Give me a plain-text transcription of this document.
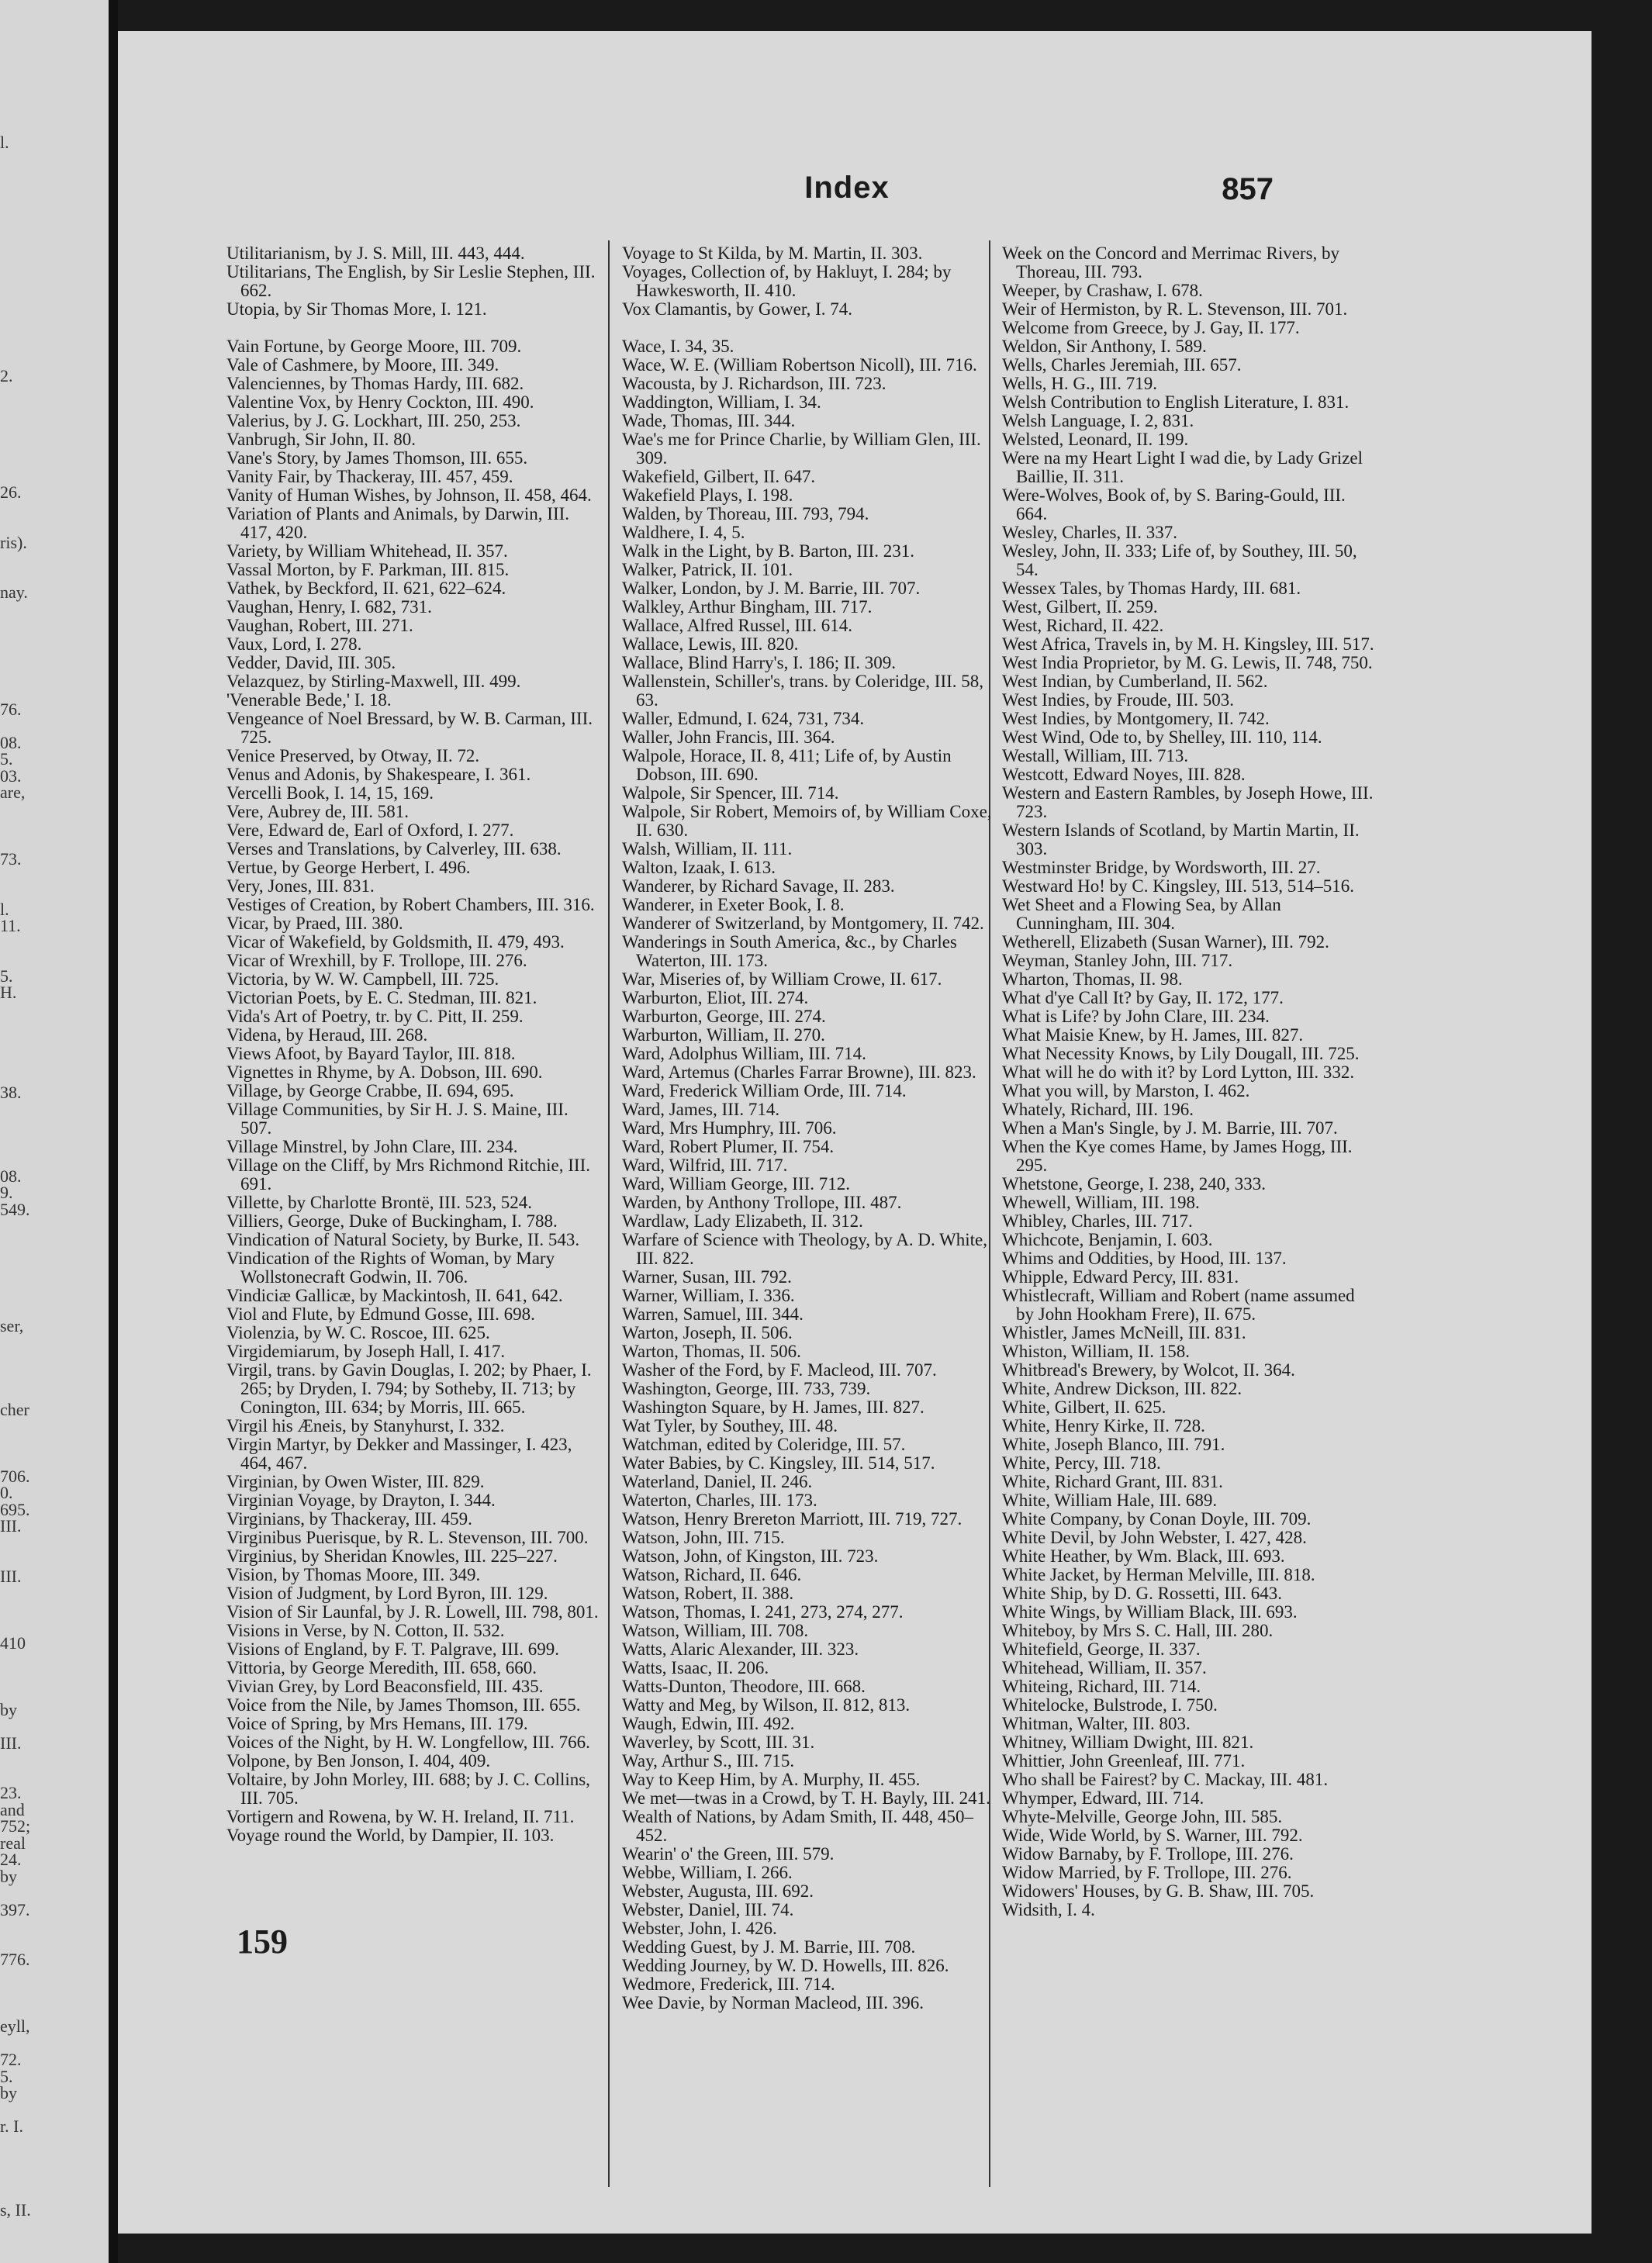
l.
2.
26.
ris).
nay.
76.
08.
5.
03.
are,
73.
l.
11.
5.
H.
38.
08.
9.
549.
ser,
cher
706.
0.
695.
III.
III.
410
by
III.
23.
and
752;
real
24.
by
397.
776.
eyll,
72.
5.
by
r. I.
s, II.
Index	857
Utilitarianism, by J. S. Mill, III. 443, 444.
Utilitarians, The English, by Sir Leslie Stephen, III. 662.
Utopia, by Sir Thomas More, I. 121.
Vain Fortune, by George Moore, III. 709.
Vale of Cashmere, by Moore, III. 349.
Valenciennes, by Thomas Hardy, III. 682.
Valentine Vox, by Henry Cockton, III. 490.
Valerius, by J. G. Lockhart, III. 250, 253.
Vanbrugh, Sir John, II. 80.
Vane's Story, by James Thomson, III. 655.
Vanity Fair, by Thackeray, III. 457, 459.
Vanity of Human Wishes, by Johnson, II. 458, 464.
Variation of Plants and Animals, by Darwin, III. 417, 420.
Variety, by William Whitehead, II. 357.
Vassal Morton, by F. Parkman, III. 815.
Vathek, by Beckford, II. 621, 622–624.
Vaughan, Henry, I. 682, 731.
Vaughan, Robert, III. 271.
Vaux, Lord, I. 278.
Vedder, David, III. 305.
Velazquez, by Stirling-Maxwell, III. 499.
'Venerable Bede,' I. 18.
Vengeance of Noel Bressard, by W. B. Carman, III. 725.
Venice Preserved, by Otway, II. 72.
Venus and Adonis, by Shakespeare, I. 361.
Vercelli Book, I. 14, 15, 169.
Vere, Aubrey de, III. 581.
Vere, Edward de, Earl of Oxford, I. 277.
Verses and Translations, by Calverley, III. 638.
Vertue, by George Herbert, I. 496.
Very, Jones, III. 831.
Vestiges of Creation, by Robert Chambers, III. 316.
Vicar, by Praed, III. 380.
Vicar of Wakefield, by Goldsmith, II. 479, 493.
Vicar of Wrexhill, by F. Trollope, III. 276.
Victoria, by W. W. Campbell, III. 725.
Victorian Poets, by E. C. Stedman, III. 821.
Vida's Art of Poetry, tr. by C. Pitt, II. 259.
Videna, by Heraud, III. 268.
Views Afoot, by Bayard Taylor, III. 818.
Vignettes in Rhyme, by A. Dobson, III. 690.
Village, by George Crabbe, II. 694, 695.
Village Communities, by Sir H. J. S. Maine, III. 507.
Village Minstrel, by John Clare, III. 234.
Village on the Cliff, by Mrs Richmond Ritchie, III. 691.
Villette, by Charlotte Brontë, III. 523, 524.
Villiers, George, Duke of Buckingham, I. 788.
Vindication of Natural Society, by Burke, II. 543.
Vindication of the Rights of Woman, by Mary Wollstonecraft Godwin, II. 706.
Vindiciæ Gallicæ, by Mackintosh, II. 641, 642.
Viol and Flute, by Edmund Gosse, III. 698.
Violenzia, by W. C. Roscoe, III. 625.
Virgidemiarum, by Joseph Hall, I. 417.
Virgil, trans. by Gavin Douglas, I. 202; by Phaer, I. 265; by Dryden, I. 794; by Sotheby, II. 713; by Conington, III. 634; by Morris, III. 665.
Virgil his Æneis, by Stanyhurst, I. 332.
Virgin Martyr, by Dekker and Massinger, I. 423, 464, 467.
Virginian, by Owen Wister, III. 829.
Virginian Voyage, by Drayton, I. 344.
Virginians, by Thackeray, III. 459.
Virginibus Puerisque, by R. L. Stevenson, III. 700.
Virginius, by Sheridan Knowles, III. 225–227.
Vision, by Thomas Moore, III. 349.
Vision of Judgment, by Lord Byron, III. 129.
Vision of Sir Launfal, by J. R. Lowell, III. 798, 801.
Visions in Verse, by N. Cotton, II. 532.
Visions of England, by F. T. Palgrave, III. 699.
Vittoria, by George Meredith, III. 658, 660.
Vivian Grey, by Lord Beaconsfield, III. 435.
Voice from the Nile, by James Thomson, III. 655.
Voice of Spring, by Mrs Hemans, III. 179.
Voices of the Night, by H. W. Longfellow, III. 766.
Volpone, by Ben Jonson, I. 404, 409.
Voltaire, by John Morley, III. 688; by J. C. Collins, III. 705.
Vortigern and Rowena, by W. H. Ireland, II. 711.
Voyage round the World, by Dampier, II. 103.
Voyage to St Kilda, by M. Martin, II. 303.
Voyages, Collection of, by Hakluyt, I. 284; by Hawkesworth, II. 410.
Vox Clamantis, by Gower, I. 74.
Wace, I. 34, 35.
Wace, W. E. (William Robertson Nicoll), III. 716.
Wacousta, by J. Richardson, III. 723.
Waddington, William, I. 34.
Wade, Thomas, III. 344.
Wae's me for Prince Charlie, by William Glen, III. 309.
Wakefield, Gilbert, II. 647.
Wakefield Plays, I. 198.
Walden, by Thoreau, III. 793, 794.
Waldhere, I. 4, 5.
Walk in the Light, by B. Barton, III. 231.
Walker, Patrick, II. 101.
Walker, London, by J. M. Barrie, III. 707.
Walkley, Arthur Bingham, III. 717.
Wallace, Alfred Russel, III. 614.
Wallace, Lewis, III. 820.
Wallace, Blind Harry's, I. 186; II. 309.
Wallenstein, Schiller's, trans. by Coleridge, III. 58, 63.
Waller, Edmund, I. 624, 731, 734.
Waller, John Francis, III. 364.
Walpole, Horace, II. 8, 411; Life of, by Austin Dobson, III. 690.
Walpole, Sir Spencer, III. 714.
Walpole, Sir Robert, Memoirs of, by William Coxe, II. 630.
Walsh, William, II. 111.
Walton, Izaak, I. 613.
Wanderer, by Richard Savage, II. 283.
Wanderer, in Exeter Book, I. 8.
Wanderer of Switzerland, by Montgomery, II. 742.
Wanderings in South America, &c., by Charles Waterton, III. 173.
War, Miseries of, by William Crowe, II. 617.
Warburton, Eliot, III. 274.
Warburton, George, III. 274.
Warburton, William, II. 270.
Ward, Adolphus William, III. 714.
Ward, Artemus (Charles Farrar Browne), III. 823.
Ward, Frederick William Orde, III. 714.
Ward, James, III. 714.
Ward, Mrs Humphry, III. 706.
Ward, Robert Plumer, II. 754.
Ward, Wilfrid, III. 717.
Ward, William George, III. 712.
Warden, by Anthony Trollope, III. 487.
Wardlaw, Lady Elizabeth, II. 312.
Warfare of Science with Theology, by A. D. White, III. 822.
Warner, Susan, III. 792.
Warner, William, I. 336.
Warren, Samuel, III. 344.
Warton, Joseph, II. 506.
Warton, Thomas, II. 506.
Washer of the Ford, by F. Macleod, III. 707.
Washington, George, III. 733, 739.
Washington Square, by H. James, III. 827.
Wat Tyler, by Southey, III. 48.
Watchman, edited by Coleridge, III. 57.
Water Babies, by C. Kingsley, III. 514, 517.
Waterland, Daniel, II. 246.
Waterton, Charles, III. 173.
Watson, Henry Brereton Marriott, III. 719, 727.
Watson, John, III. 715.
Watson, John, of Kingston, III. 723.
Watson, Richard, II. 646.
Watson, Robert, II. 388.
Watson, Thomas, I. 241, 273, 274, 277.
Watson, William, III. 708.
Watts, Alaric Alexander, III. 323.
Watts, Isaac, II. 206.
Watts-Dunton, Theodore, III. 668.
Watty and Meg, by Wilson, II. 812, 813.
Waugh, Edwin, III. 492.
Waverley, by Scott, III. 31.
Way, Arthur S., III. 715.
Way to Keep Him, by A. Murphy, II. 455.
We met—twas in a Crowd, by T. H. Bayly, III. 241.
Wealth of Nations, by Adam Smith, II. 448, 450–452.
Wearin' o' the Green, III. 579.
Webbe, William, I. 266.
Webster, Augusta, III. 692.
Webster, Daniel, III. 74.
Webster, John, I. 426.
Wedding Guest, by J. M. Barrie, III. 708.
Wedding Journey, by W. D. Howells, III. 826.
Wedmore, Frederick, III. 714.
Wee Davie, by Norman Macleod, III. 396.
Week on the Concord and Merrimac Rivers, by Thoreau, III. 793.
Weeper, by Crashaw, I. 678.
Weir of Hermiston, by R. L. Stevenson, III. 701.
Welcome from Greece, by J. Gay, II. 177.
Weldon, Sir Anthony, I. 589.
Wells, Charles Jeremiah, III. 657.
Wells, H. G., III. 719.
Welsh Contribution to English Literature, I. 831.
Welsh Language, I. 2, 831.
Welsted, Leonard, II. 199.
Were na my Heart Light I wad die, by Lady Grizel Baillie, II. 311.
Were-Wolves, Book of, by S. Baring-Gould, III. 664.
Wesley, Charles, II. 337.
Wesley, John, II. 333; Life of, by Southey, III. 50, 54.
Wessex Tales, by Thomas Hardy, III. 681.
West, Gilbert, II. 259.
West, Richard, II. 422.
West Africa, Travels in, by M. H. Kingsley, III. 517.
West India Proprietor, by M. G. Lewis, II. 748, 750.
West Indian, by Cumberland, II. 562.
West Indies, by Froude, III. 503.
West Indies, by Montgomery, II. 742.
West Wind, Ode to, by Shelley, III. 110, 114.
Westall, William, III. 713.
Westcott, Edward Noyes, III. 828.
Western and Eastern Rambles, by Joseph Howe, III. 723.
Western Islands of Scotland, by Martin Martin, II. 303.
Westminster Bridge, by Wordsworth, III. 27.
Westward Ho! by C. Kingsley, III. 513, 514–516.
Wet Sheet and a Flowing Sea, by Allan Cunningham, III. 304.
Wetherell, Elizabeth (Susan Warner), III. 792.
Weyman, Stanley John, III. 717.
Wharton, Thomas, II. 98.
What d'ye Call It? by Gay, II. 172, 177.
What is Life? by John Clare, III. 234.
What Maisie Knew, by H. James, III. 827.
What Necessity Knows, by Lily Dougall, III. 725.
What will he do with it? by Lord Lytton, III. 332.
What you will, by Marston, I. 462.
Whately, Richard, III. 196.
When a Man's Single, by J. M. Barrie, III. 707.
When the Kye comes Hame, by James Hogg, III. 295.
Whetstone, George, I. 238, 240, 333.
Whewell, William, III. 198.
Whibley, Charles, III. 717.
Whichcote, Benjamin, I. 603.
Whims and Oddities, by Hood, III. 137.
Whipple, Edward Percy, III. 831.
Whistlecraft, William and Robert (name assumed by John Hookham Frere), II. 675.
Whistler, James McNeill, III. 831.
Whiston, William, II. 158.
Whitbread's Brewery, by Wolcot, II. 364.
White, Andrew Dickson, III. 822.
White, Gilbert, II. 625.
White, Henry Kirke, II. 728.
White, Joseph Blanco, III. 791.
White, Percy, III. 718.
White, Richard Grant, III. 831.
White, William Hale, III. 689.
White Company, by Conan Doyle, III. 709.
White Devil, by John Webster, I. 427, 428.
White Heather, by Wm. Black, III. 693.
White Jacket, by Herman Melville, III. 818.
White Ship, by D. G. Rossetti, III. 643.
White Wings, by William Black, III. 693.
Whiteboy, by Mrs S. C. Hall, III. 280.
Whitefield, George, II. 337.
Whitehead, William, II. 357.
Whiteing, Richard, III. 714.
Whitelocke, Bulstrode, I. 750.
Whitman, Walter, III. 803.
Whitney, William Dwight, III. 821.
Whittier, John Greenleaf, III. 771.
Who shall be Fairest? by C. Mackay, III. 481.
Whymper, Edward, III. 714.
Whyte-Melville, George John, III. 585.
Wide, Wide World, by S. Warner, III. 792.
Widow Barnaby, by F. Trollope, III. 276.
Widow Married, by F. Trollope, III. 276.
Widowers' Houses, by G. B. Shaw, III. 705.
Widsith, I. 4.
159
